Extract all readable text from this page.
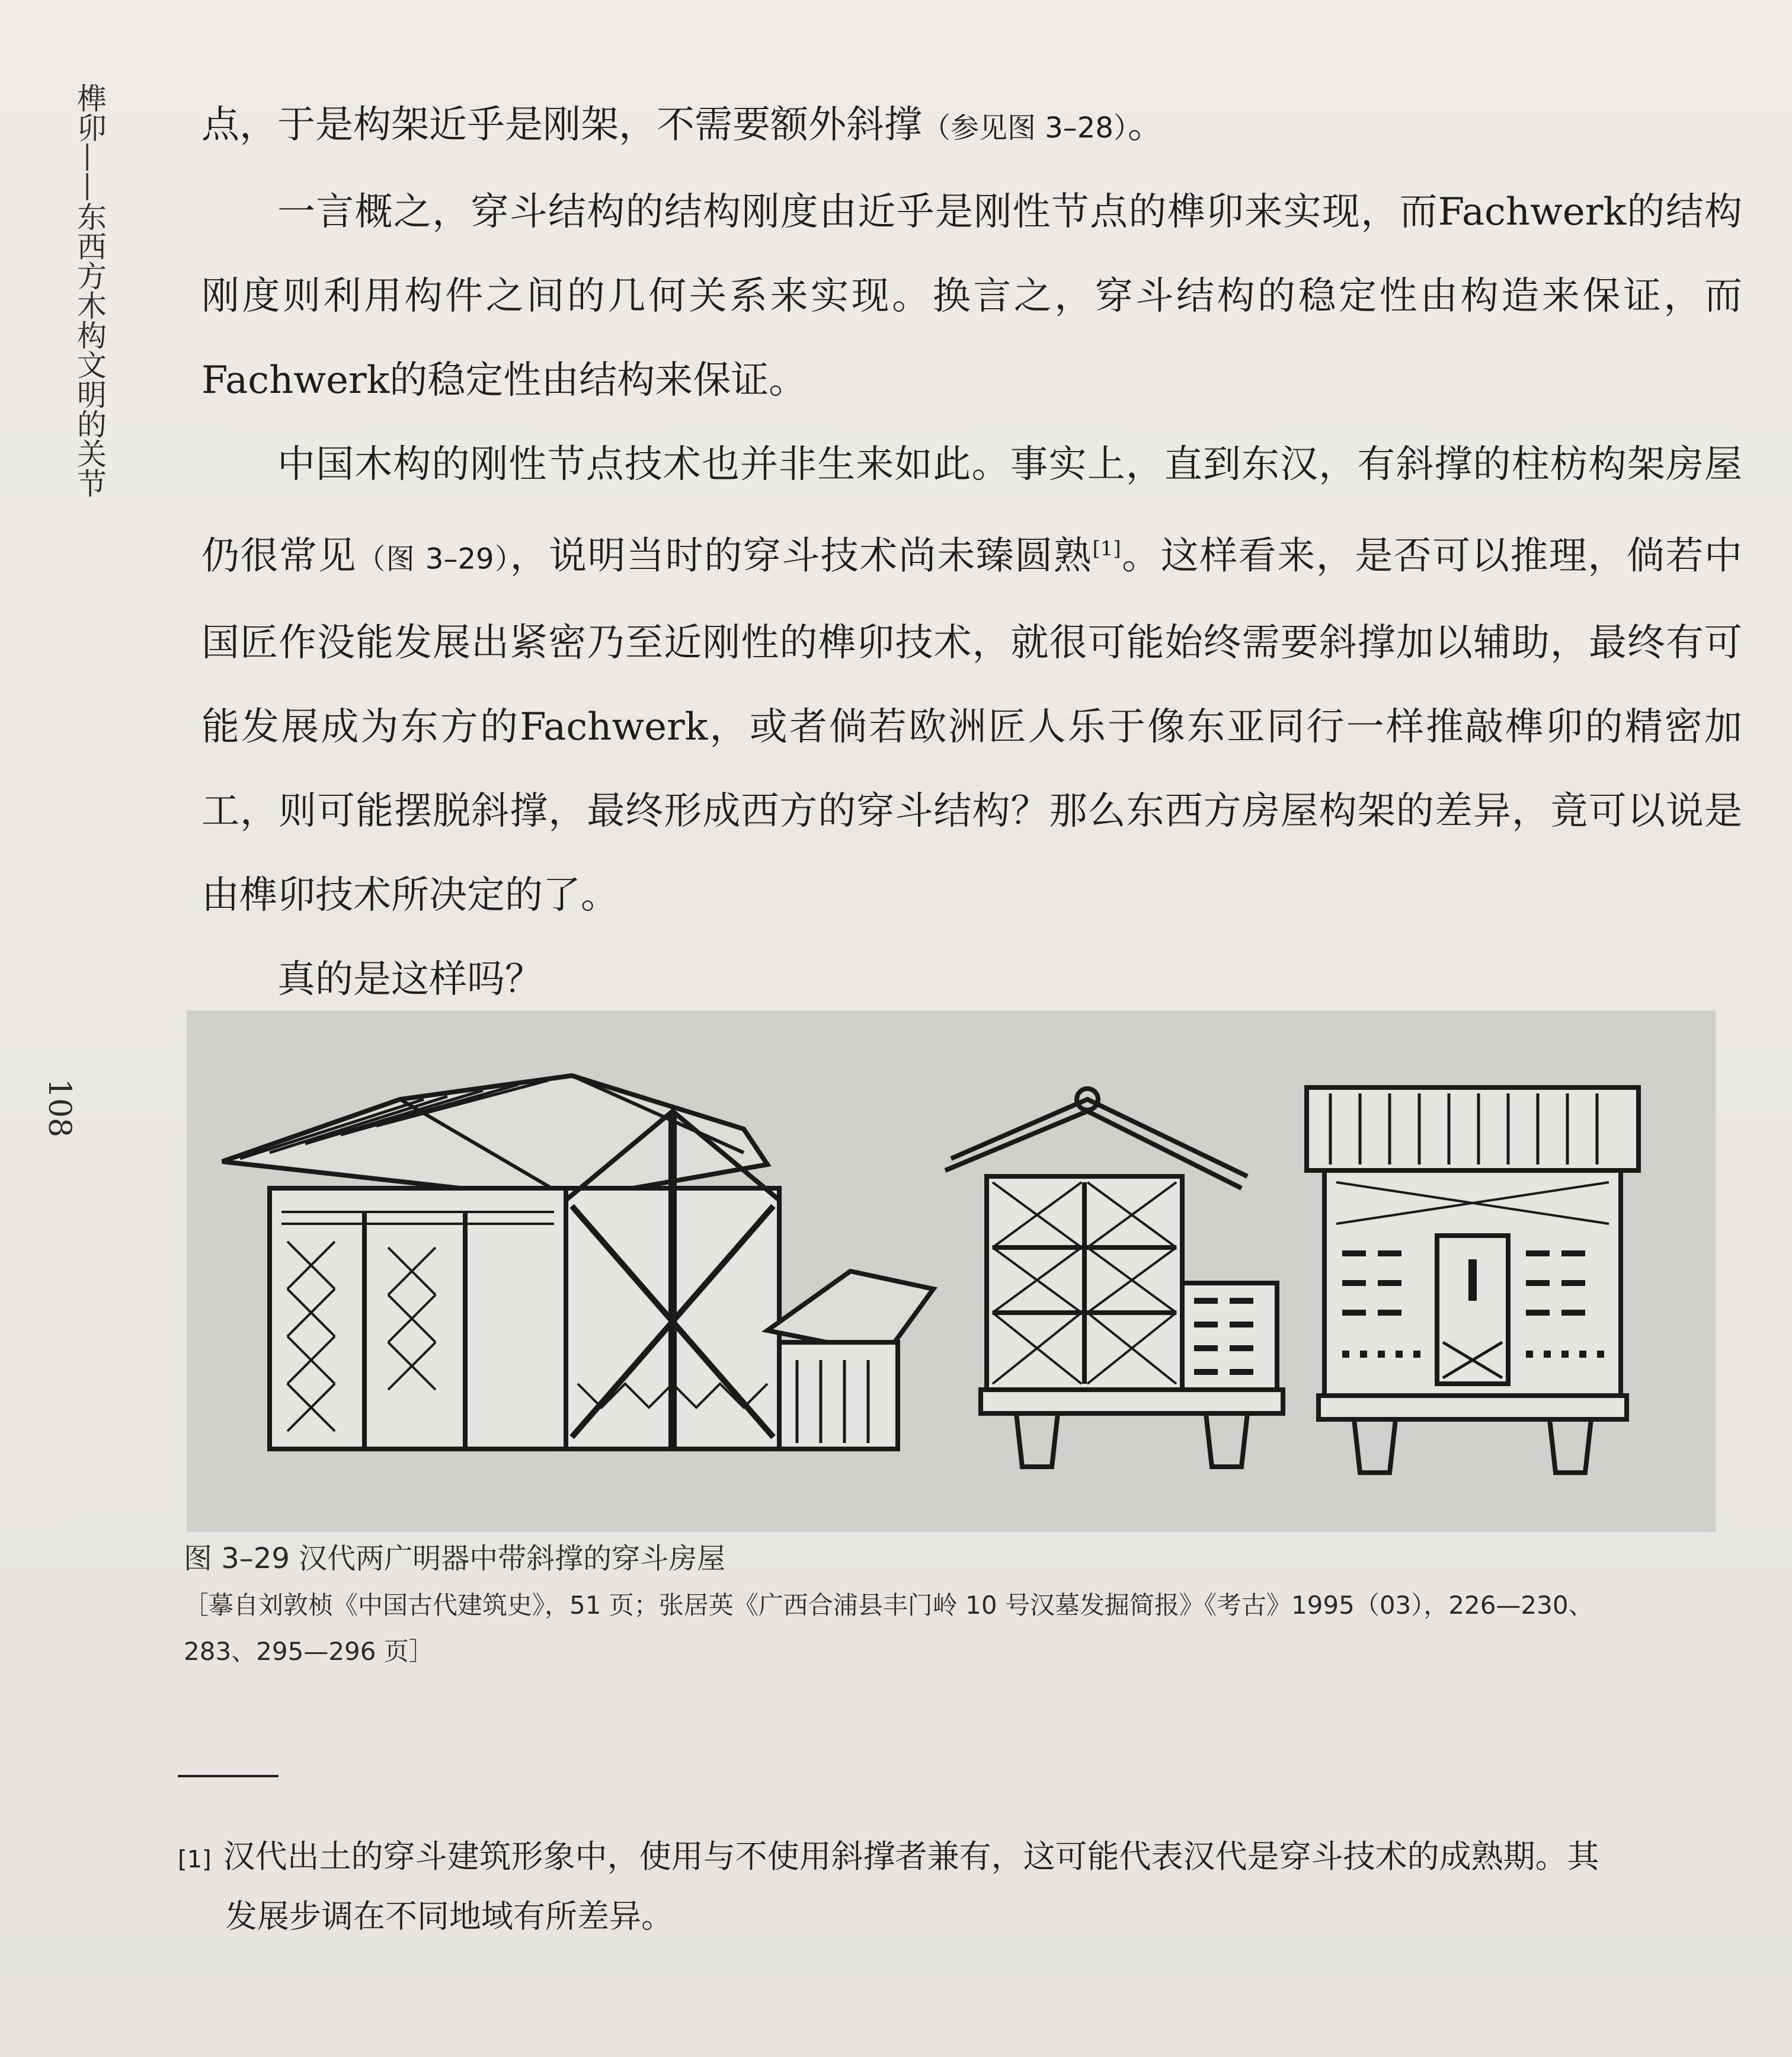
榫卯——东西方木构文明的关节
108

点，于是构架近乎是刚架，不需要额外斜撑（参见图 3–28）。

一言概之，穿斗结构的结构刚度由近乎是刚性节点的榫卯来实现，而Fachwerk的结构刚度则利用构件之间的几何关系来实现。换言之，穿斗结构的稳定性由构造来保证，而Fachwerk的稳定性由结构来保证。

中国木构的刚性节点技术也并非生来如此。事实上，直到东汉，有斜撑的柱枋构架房屋仍很常见（图 3–29），说明当时的穿斗技术尚未臻圆熟[1]。这样看来，是否可以推理，倘若中国匠作没能发展出紧密乃至近刚性的榫卯技术，就很可能始终需要斜撑加以辅助，最终有可能发展成为东方的Fachwerk，或者倘若欧洲匠人乐于像东亚同行一样推敲榫卯的精密加工，则可能摆脱斜撑，最终形成西方的穿斗结构？那么东西方房屋构架的差异，竟可以说是由榫卯技术所决定的了。

真的是这样吗？

图 3–29 汉代两广明器中带斜撑的穿斗房屋
［摹自刘敦桢《中国古代建筑史》，51 页；张居英《广西合浦县丰门岭 10 号汉墓发掘简报》《考古》1995（03），226—230、
283、295—296 页］
[1] 汉代出土的穿斗建筑形象中，使用与不使用斜撑者兼有，这可能代表汉代是穿斗技术的成熟期。其
发展步调在不同地域有所差异。
